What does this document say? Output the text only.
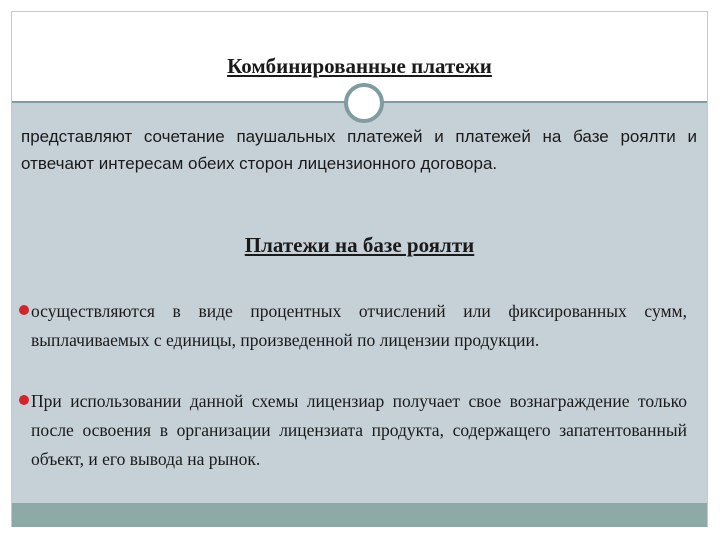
Комбинированные платежи
представляют сочетание паушальных платежей и платежей на базе роялти и отвечают интересам обеих сторон лицензионного договора.
Платежи на базе роялти
осуществляются в виде процентных отчислений или фиксированных сумм, выплачиваемых с единицы, произведенной по лицензии продукции.
При использовании данной схемы лицензиар получает свое вознаграждение только после освоения в организации лицензиата продукта, содержащего запатентованный объект, и его вывода на рынок.
